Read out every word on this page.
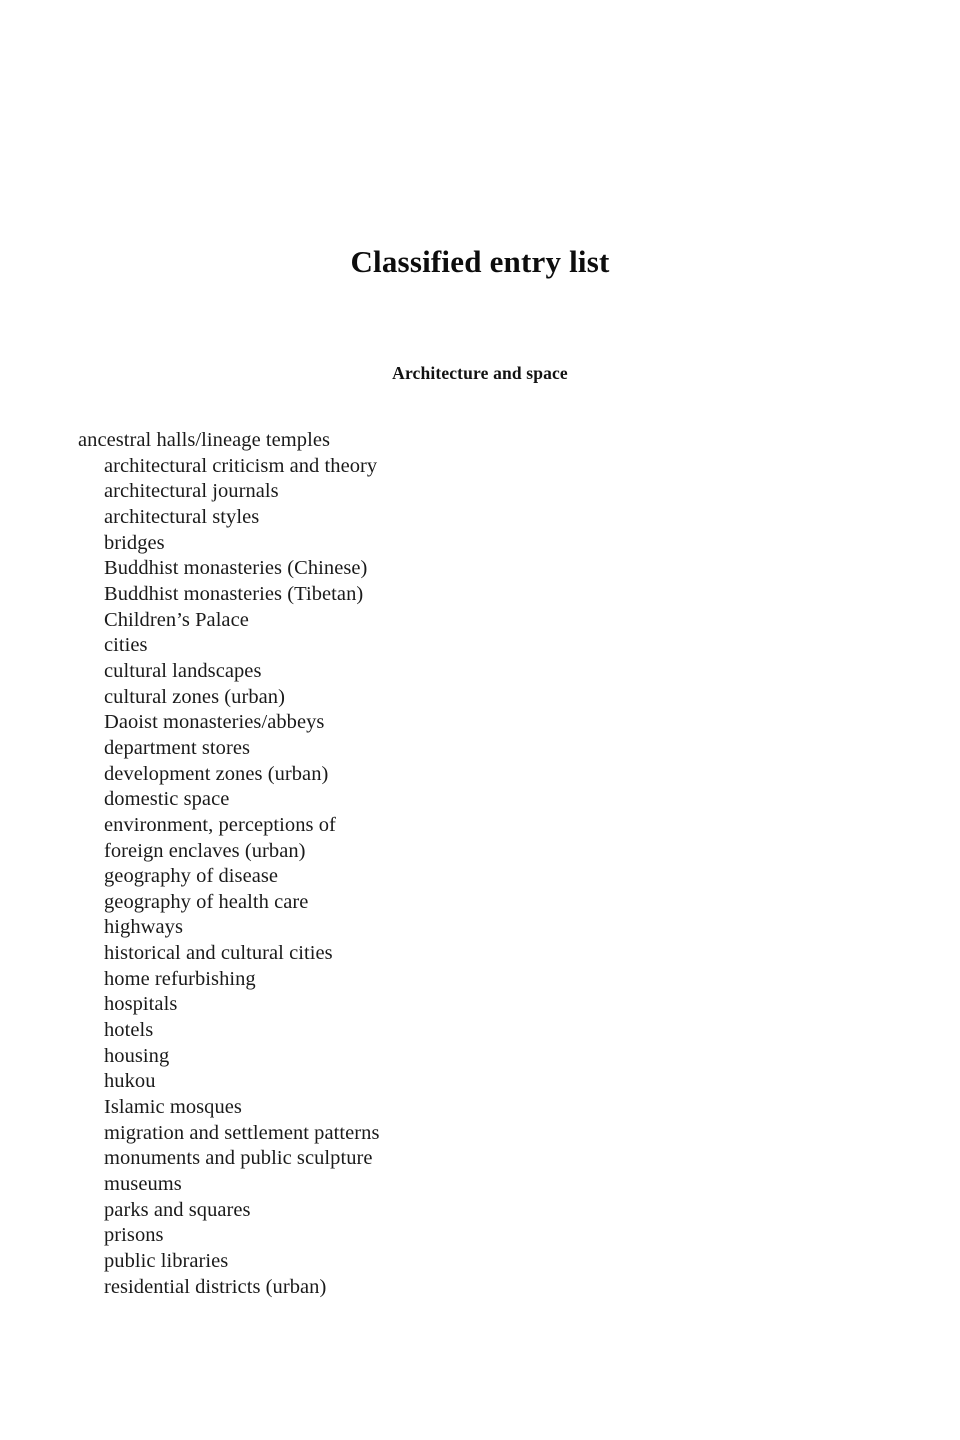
Classified entry list
Architecture and space
ancestral halls/lineage temples
architectural criticism and theory
architectural journals
architectural styles
bridges
Buddhist monasteries (Chinese)
Buddhist monasteries (Tibetan)
Children’s Palace
cities
cultural landscapes
cultural zones (urban)
Daoist monasteries/abbeys
department stores
development zones (urban)
domestic space
environment, perceptions of
foreign enclaves (urban)
geography of disease
geography of health care
highways
historical and cultural cities
home refurbishing
hospitals
hotels
housing
hukou
Islamic mosques
migration and settlement patterns
monuments and public sculpture
museums
parks and squares
prisons
public libraries
residential districts (urban)
